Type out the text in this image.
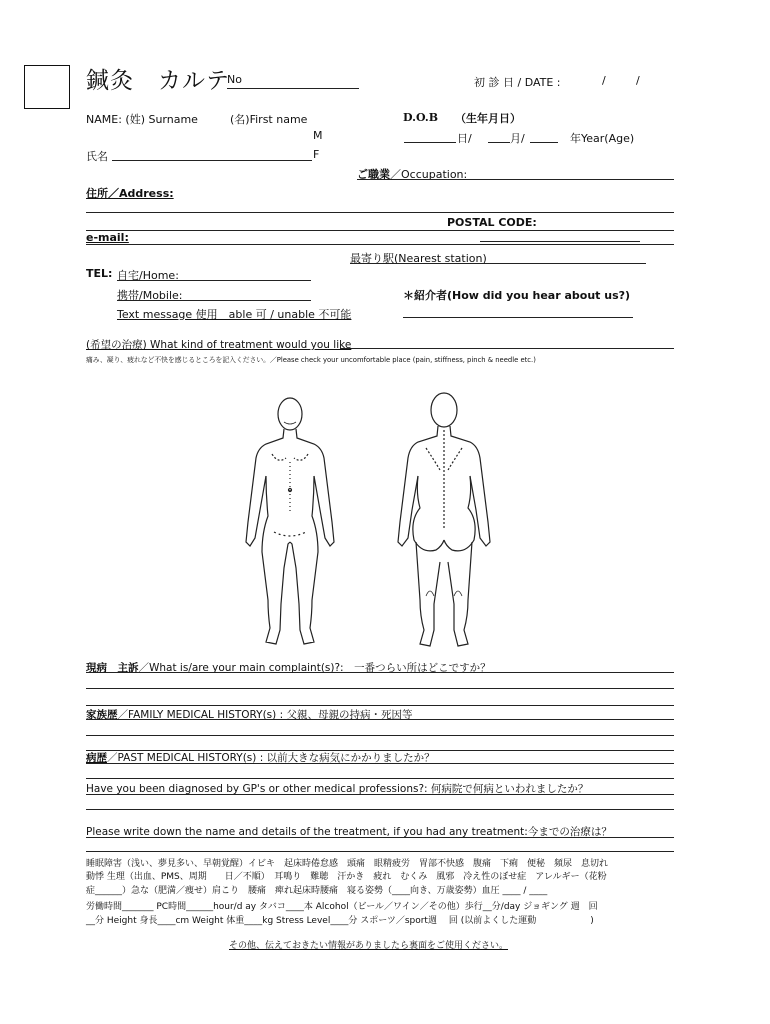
鍼灸　カルテ
No	初 診 日 / DATE :	/	/
NAME: (姓) Surname	(名)First name
M
氏名	F
D.O.B （生年月日）
日/	月/	年Year(Age)
ご職業／Occupation:
住所／Address:
POSTAL CODE:
e-mail:
最寄り駅(Nearest station)
TEL: 自宅/Home:
携帯/Mobile:
Text message 使用　able 可 / unable 不可能
＊紹介者(How did you hear about us?)
(希望の治療) What kind of treatment would you like
痛み、凝り、疲れなど不快を感じるところを記入ください。／Please check your uncomfortable place (pain, stiffness, pinch & needle etc.)
現病　主訴／What is/are your main complaint(s)?:　一番つらい所はどこですか？
家族歴／FAMILY MEDICAL HISTORY(s) : 父親、母親の持病・死因等
病歴／PAST MEDICAL HISTORY(s) : 以前大きな病気にかかりましたか？
Have you been diagnosed by GP's or other medical professions?: 何病院で何病といわれましたか？
Please write down the name and details of the treatment, if you had any treatment:今までの治療は？
睡眠障害（浅い、夢見多い、早朝覚醒）イビキ　起床時倦怠感　頭痛　眼精疲労　胃部不快感　腹痛　下痢　便秘　頻尿　息切れ
動悸 生理（出血、PMS、周期　　日／不順）　耳鳴り　難聴　汗かき　疲れ　むくみ　風邪　冷え性のぼせ症　アレルギー（花粉
症______）急な（肥満／痩せ）肩こり　腰痛　痺れ起床時腰痛　寝る姿勢（____向き、万歳姿勢）血圧 ____ / ____
労働時間_______ PC時間______hour/d ay タバコ____本 Alcohol（ビール／ワイン／その他）歩行__分/day ジョギング 週　回
__分 Height 身長____cm Weight 体重____kg Stress Level____分 スポーツ／sport週　 回 (以前よくした運動　　　　　　)
その他、伝えておきたい情報がありましたら裏面をご使用ください。
